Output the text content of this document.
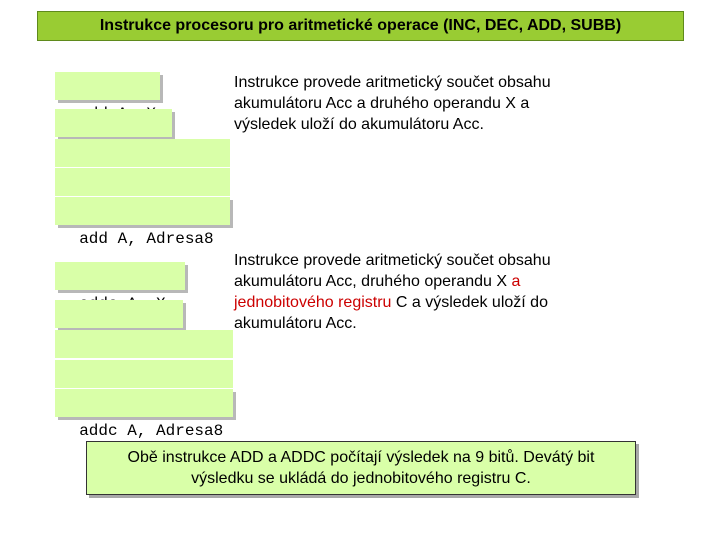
Instrukce procesoru pro aritmetické operace (INC, DEC, ADD, SUBB)

add A, Adresa8

Instrukce provede aritmetický součet obsahu akumulátoru Acc a druhého operandu X a výsledek uloží do akumulátoru Acc.

addc A, Adresa8

Instrukce provede aritmetický součet obsahu akumulátoru Acc, druhého operandu X a jednobitového registru C a výsledek uloží do akumulátoru Acc.
Obě instrukce ADD a ADDC počítají výsledek na 9 bitů. Devátý bit výsledku se ukládá do jednobitového registru C.
